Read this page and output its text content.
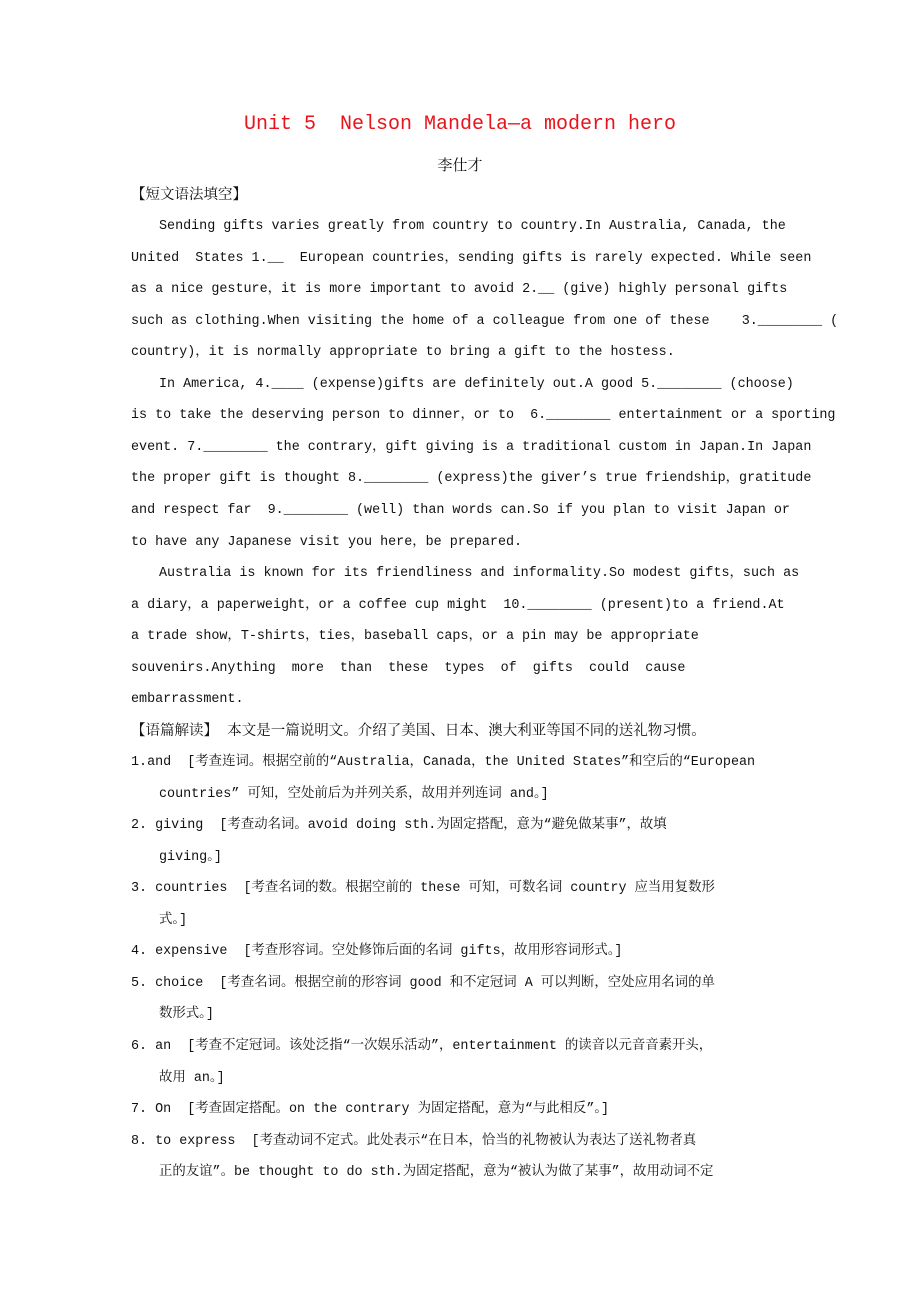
Unit 5  Nelson Mandela—a modern hero
李仕才
【短文语法填空】
Sending gifts varies greatly from country to country.In Australia, Canada, the
United  States 1.__  European countries，sending gifts is rarely expected. While seen
as a nice gesture，it is more important to avoid 2.__ (give) highly personal gifts
such as clothing.When visiting the home of a colleague from one of these    3.________ (
country)，it is normally appropriate to bring a gift to the hostess.
In America, 4.____ (expense)gifts are definitely out.A good 5.________ (choose)
is to take the deserving person to dinner，or to  6.________ entertainment or a sporting
event. 7.________ the contrary，gift giving is a traditional custom in Japan.In Japan
the proper gift is thought 8.________ (express)the giver’s true friendship，gratitude
and respect far  9.________ (well) than words can.So if you plan to visit Japan or
to have any Japanese visit you here，be prepared.
Australia is known for its friendliness and informality.So modest gifts，such as
a diary，a paperweight，or a coffee cup might  10.________ (present)to a friend.At
a trade show，T-shirts，ties，baseball caps，or a pin may be appropriate
souvenirs.Anything  more  than  these  types  of  gifts  could  cause
embarrassment.
【语篇解读】  本文是一篇说明文。介绍了美国、日本、澳大利亚等国不同的送礼物习惯。
1.and  [考查连词。根据空前的“Australia，Canada，the United States”和空后的“European
countries” 可知，空处前后为并列关系，故用并列连词 and。]
2. giving  [考查动名词。avoid doing sth.为固定搭配，意为“避免做某事”，故填
giving。]
3. countries  [考查名词的数。根据空前的 these 可知，可数名词 country 应当用复数形
式。]
4. expensive  [考查形容词。空处修饰后面的名词 gifts，故用形容词形式。]
5. choice  [考查名词。根据空前的形容词 good 和不定冠词 A 可以判断，空处应用名词的单
数形式。]
6. an  [考查不定冠词。该处泛指“一次娱乐活动”，entertainment 的读音以元音音素开头，
故用 an。]
7. On  [考查固定搭配。on the contrary 为固定搭配，意为“与此相反”。]
8. to express  [考查动词不定式。此处表示“在日本，恰当的礼物被认为表达了送礼物者真
正的友谊”。be thought to do sth.为固定搭配，意为“被认为做了某事”，故用动词不定
